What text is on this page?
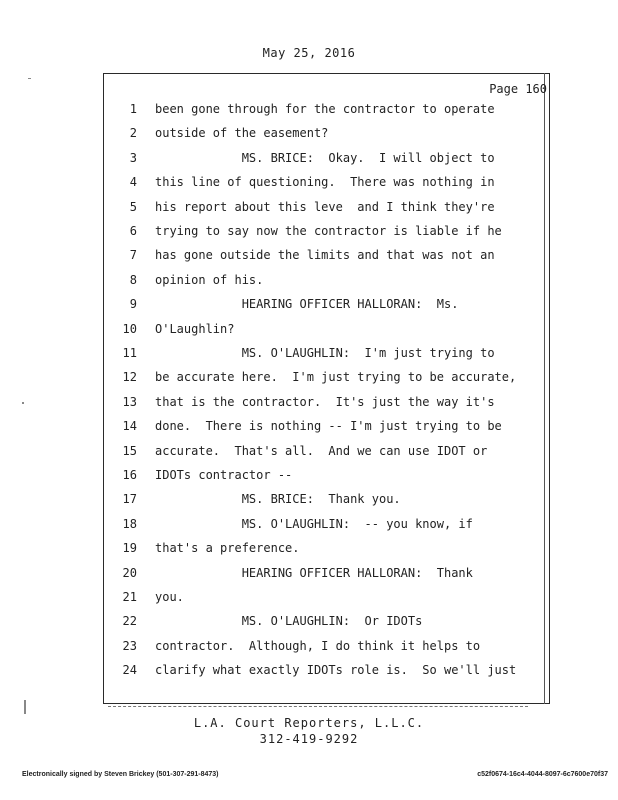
May 25, 2016
Page 160
1 been gone through for the contractor to operate
2 outside of the easement?
3 MS. BRICE:  Okay.  I will object to
4 this line of questioning.  There was nothing in
5 his report about this leve  and I think they're
6 trying to say now the contractor is liable if he
7 has gone outside the limits and that was not an
8 opinion of his.
9 HEARING OFFICER HALLORAN:  Ms.
10 O'Laughlin?
11 MS. O'LAUGHLIN:  I'm just trying to
12 be accurate here.  I'm just trying to be accurate,
13 that is the contractor.  It's just the way it's
14 done.  There is nothing -- I'm just trying to be
15 accurate.  That's all.  And we can use IDOT or
16 IDOTs contractor --
17 MS. BRICE:  Thank you.
18 MS. O'LAUGHLIN:  -- you know, if
19 that's a preference.
20 HEARING OFFICER HALLORAN:  Thank
21 you.
22 MS. O'LAUGHLIN:  Or IDOTs
23 contractor.  Although, I do think it helps to
24 clarify what exactly IDOTs role is.  So we'll just
L.A. Court Reporters, L.L.C.
312-419-9292
Electronically signed by Steven Brickey (501-307-291-8473)	c52f0674-16c4-4044-8097-6c7600e70f37
